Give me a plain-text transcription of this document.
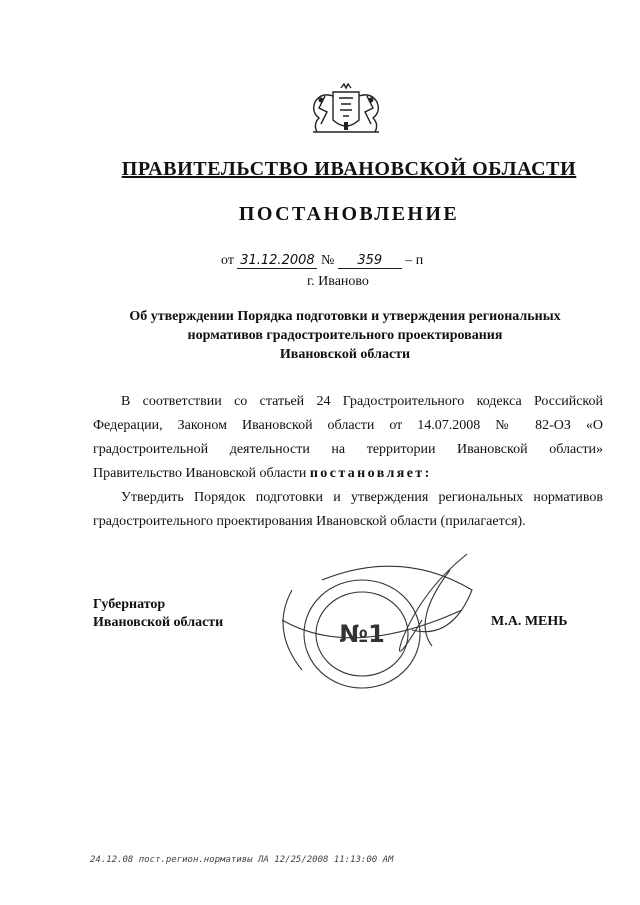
ПРАВИТЕЛЬСТВО ИВАНОВСКОЙ ОБЛАСТИ
ПОСТАНОВЛЕНИЕ
от 31.12.2008 № 359 – п
г. Иваново
Об утверждении Порядка подготовки и утверждения региональных
нормативов градостроительного проектирования
Ивановской области

В соответствии со статьей 24 Градостроительного кодекса Российской Федерации, Законом Ивановской области от 14.07.2008 № 82-ОЗ «О градостроительной деятельности на территории Ивановской области» Правительство Ивановской области постановляет:

Утвердить Порядок подготовки и утверждения региональных нормативов градостроительного проектирования Ивановской области (прилагается).

№1
Губернатор
Ивановской области	М.А. МЕНЬ
24.12.08 пост.регион.нормативы ЛА 12/25/2008 11:13:00 AM
